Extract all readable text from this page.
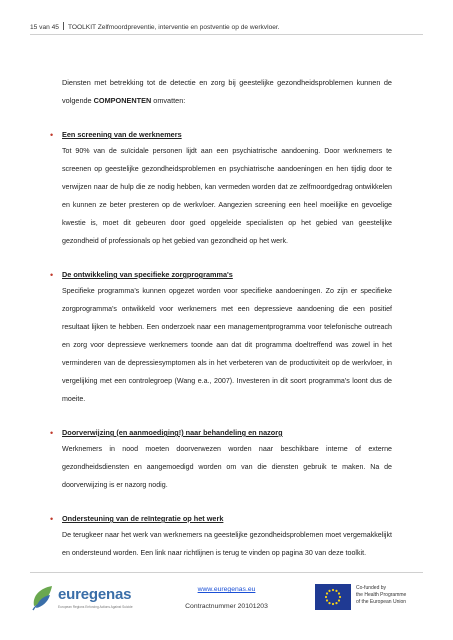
15 van 45 TOOLKIT Zelfmoordpreventie, interventie en postventie op de werkvloer.

Diensten met betrekking tot de detectie en zorg bij geestelijke gezondheidsproblemen kunnen de volgende COMPONENTEN omvatten:

• Een screening van de werknemers

Tot 90% van de suïcidale personen lijdt aan een psychiatrische aandoening. Door werknemers te screenen op geestelijke gezondheidsproblemen en psychiatrische aandoeningen en hen tijdig door te verwijzen naar de hulp die ze nodig hebben, kan vermeden worden dat ze zelfmoordgedrag ontwikkelen en kunnen ze beter presteren op de werkvloer. Aangezien screening een heel moeilijke en gevoelige kwestie is, moet dit gebeuren door goed opgeleide specialisten op het gebied van geestelijke gezondheid of professionals op het gebied van gezondheid op het werk.

• De ontwikkeling van specifieke zorgprogramma's

Specifieke programma’s kunnen opgezet worden voor specifieke aandoeningen. Zo zijn er specifieke zorgprogramma's ontwikkeld voor werknemers met een depressieve aandoening die een positief resultaat lijken te hebben. Een onderzoek naar een managementprogramma voor telefonische outreach en zorg voor depressieve werknemers toonde aan dat dit programma doeltreffend was zowel in het verminderen van de depressiesymptomen als in het verbeteren van de productiviteit op de werkvloer, in vergelijking met een controlegroep (Wang e.a., 2007). Investeren in dit soort programma's loont dus de moeite.

• Doorverwijzing (en aanmoediging!) naar behandeling en nazorg

Werknemers in nood moeten doorverwezen worden naar beschikbare interne of externe gezondheidsdiensten en aangemoedigd worden om van die diensten gebruik te maken. Na de doorverwijzing is er nazorg nodig.

• Ondersteuning van de reïntegratie op het werk

De terugkeer naar het werk van werknemers na geestelijke gezondheidsproblemen moet vergemakkelijkt en ondersteund worden. Een link naar richtlijnen is terug te vinden op pagina 30 van deze toolkit.

euregenas
European Regions Enforcing Actions Against Suicide
www.euregenas.eu
Contractnummer 20101203
Co-funded by
the Health Programme
of the European Union
